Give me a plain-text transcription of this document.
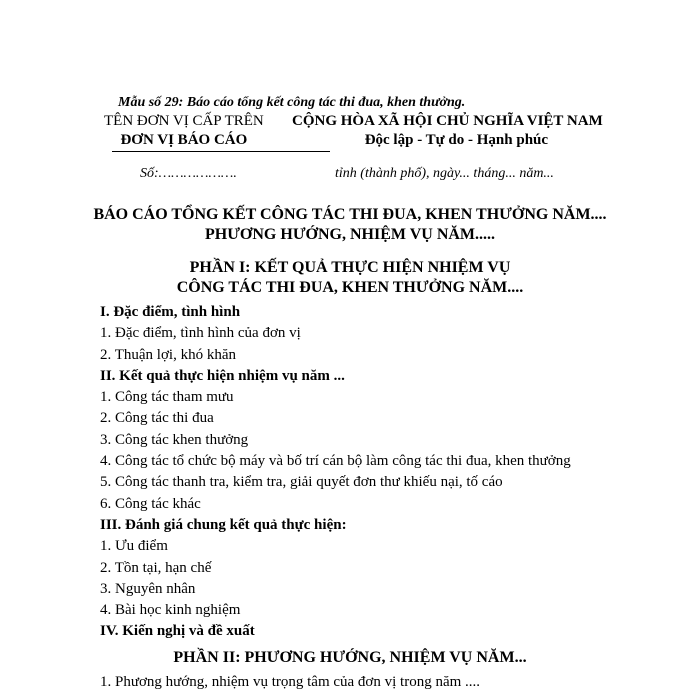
Mẫu số 29: Báo cáo tổng kết công tác thi đua, khen thưởng.
TÊN ĐƠN VỊ CẤP TRÊN
ĐƠN VỊ BÁO CÁO
CỘNG HÒA XÃ HỘI CHỦ NGHĨA VIỆT NAM
Độc lập - Tự do - Hạnh phúc
Số:……………….	tỉnh (thành phố), ngày... tháng... năm...
BÁO CÁO TỔNG KẾT CÔNG TÁC THI ĐUA, KHEN THƯỞNG NĂM....
PHƯƠNG HƯỚNG, NHIỆM VỤ NĂM.....
PHẦN I: KẾT QUẢ THỰC HIỆN NHIỆM VỤ
CÔNG TÁC THI ĐUA, KHEN THƯỞNG NĂM....
I. Đặc điểm, tình hình
1. Đặc điểm, tình hình của đơn vị
2. Thuận lợi, khó khăn
II. Kết quả thực hiện nhiệm vụ năm ...
1. Công tác tham mưu
2. Công tác thi đua
3. Công tác khen thưởng
4. Công tác tổ chức bộ máy và bố trí cán bộ làm công tác thi đua, khen thưởng
5. Công tác thanh tra, kiểm tra, giải quyết đơn thư khiếu nại, tố cáo
6. Công tác khác
III. Đánh giá chung kết quả thực hiện:
1. Ưu điểm
2. Tồn tại, hạn chế
3. Nguyên nhân
4. Bài học kinh nghiệm
IV. Kiến nghị và đề xuất
PHẦN II: PHƯƠNG HƯỚNG, NHIỆM VỤ NĂM...
1. Phương hướng, nhiệm vụ trọng tâm của đơn vị trong năm ....
